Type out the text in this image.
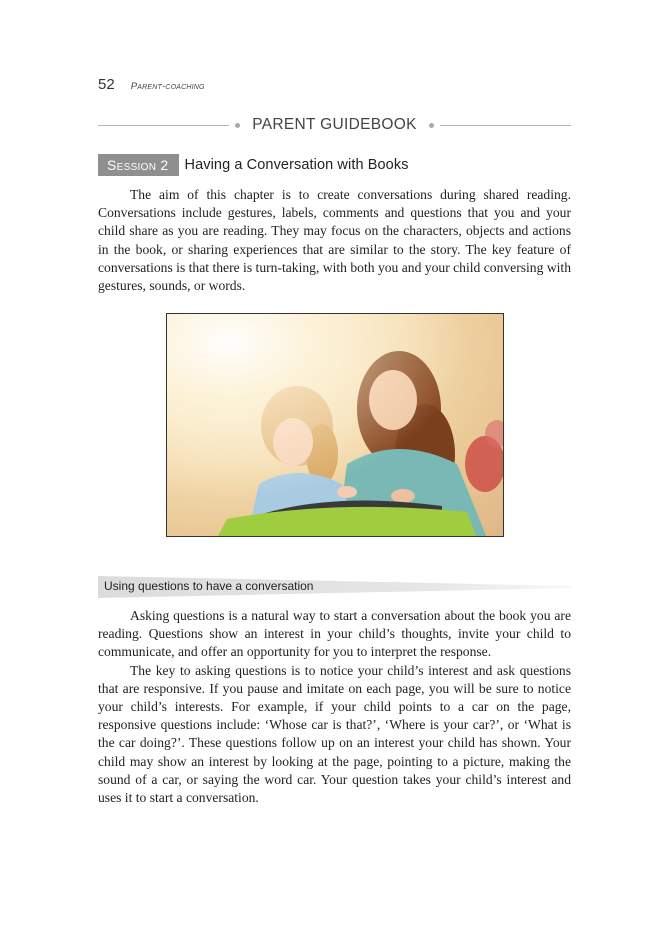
52 Parent-coaching
PARENT GUIDEBOOK
Session 2	Having a Conversation with Books

The aim of this chapter is to create conversations during shared reading. Conversations include gestures, labels, comments and questions that you and your child share as you are reading. They may focus on the characters, objects and actions in the book, or sharing experiences that are similar to the story. The key feature of conversations is that there is turn-taking, with both you and your child conversing with gestures, sounds, or words.

Using questions to have a conversation

Asking questions is a natural way to start a conversation about the book you are reading. Questions show an interest in your child’s thoughts, invite your child to communicate, and offer an opportunity for you to interpret the response.

The key to asking questions is to notice your child’s interest and ask questions that are responsive. If you pause and imitate on each page, you will be sure to notice your child’s interests. For example, if your child points to a car on the page, responsive questions include: ‘Whose car is that?’, ‘Where is your car?’, or ‘What is the car doing?’. These questions follow up on an interest your child has shown. Your child may show an interest by looking at the page, pointing to a picture, making the sound of a car, or saying the word car. Your question takes your child’s interest and uses it to start a conversation.
